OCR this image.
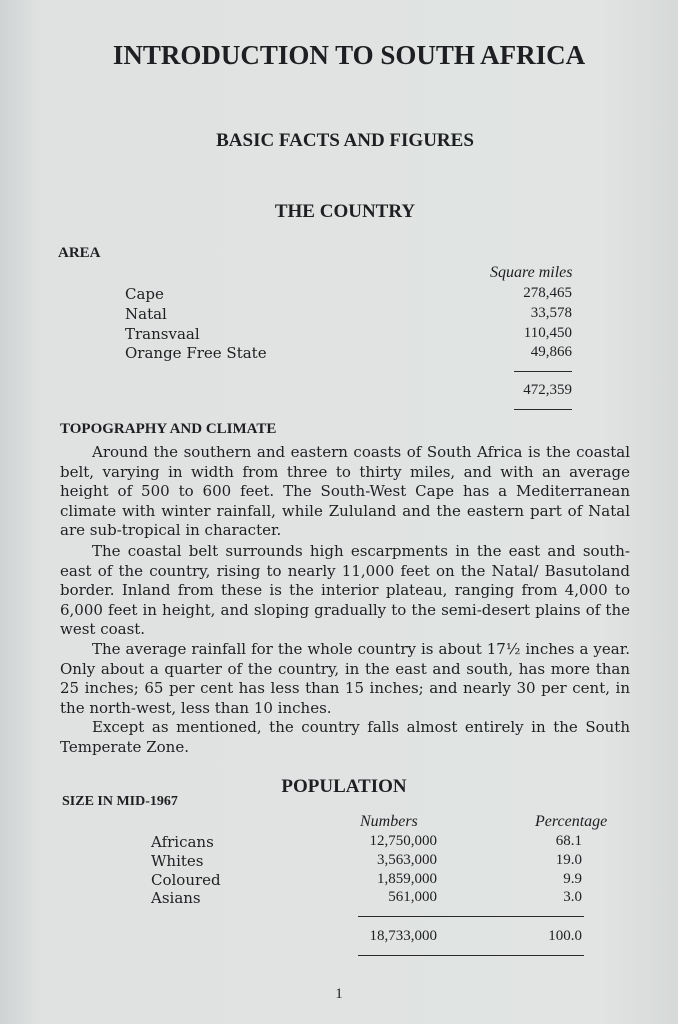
INTRODUCTION TO SOUTH AFRICA
BASIC FACTS AND FIGURES
THE COUNTRY
AREA
Square miles
Cape	278,465
Natal	33,578
Transvaal	110,450
Orange Free State	49,866
472,359
TOPOGRAPHY AND CLIMATE

Around the southern and eastern coasts of South Africa is the coastal belt, varying in width from three to thirty miles, and with an average height of 500 to 600 feet. The South-West Cape has a Mediterranean climate with winter rainfall, while Zululand and the eastern part of Natal are sub-tropical in character.

The coastal belt surrounds high escarpments in the east and south-east of the country, rising to nearly 11,000 feet on the Natal/ Basutoland border. Inland from these is the interior plateau, ranging from 4,000 to 6,000 feet in height, and sloping gradually to the semi-desert plains of the west coast.

The average rainfall for the whole country is about 17½ inches a year. Only about a quarter of the country, in the east and south, has more than 25 inches; 65 per cent has less than 15 inches; and nearly 30 per cent, in the north-west, less than 10 inches.

Except as mentioned, the country falls almost entirely in the South Temperate Zone.

POPULATION
SIZE IN MID-1967
Numbers	Percentage
Africans	12,750,000	68.1
Whites	3,563,000	19.0
Coloured	1,859,000	9.9
Asians	561,000	3.0
18,733,000	100.0
1
